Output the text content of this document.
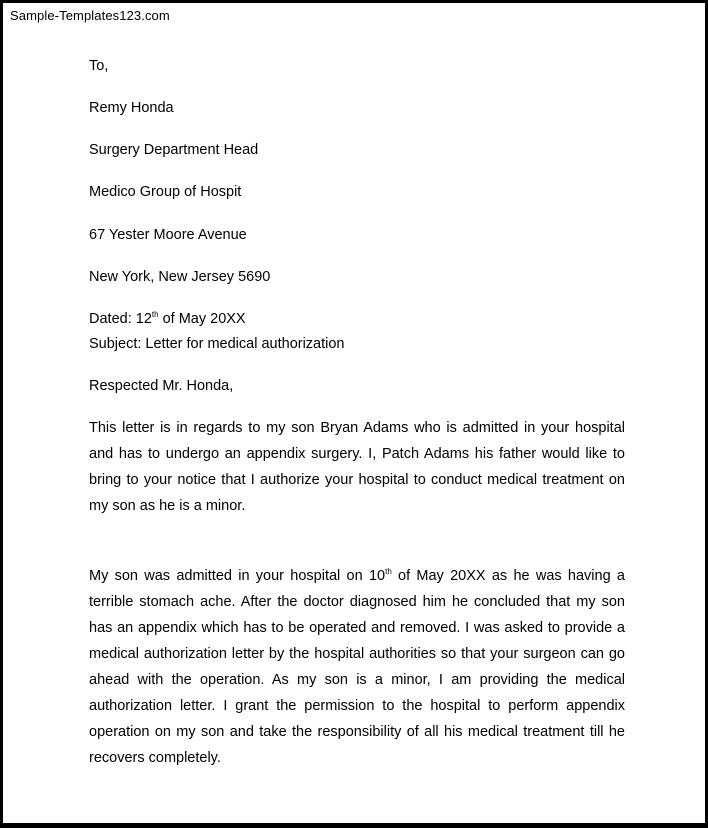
Sample-Templates123.com
To,
Remy Honda
Surgery Department Head
Medico Group of Hospit
67 Yester Moore Avenue
New York, New Jersey 5690
Dated: 12th of May 20XX
Subject: Letter for medical authorization
Respected Mr. Honda,
This letter is in regards to my son Bryan Adams who is admitted in your hospital and has to undergo an appendix surgery. I, Patch Adams his father would like to bring to your notice that I authorize your hospital to conduct medical treatment on my son as he is a minor.
My son was admitted in your hospital on 10th of May 20XX as he was having a terrible stomach ache. After the doctor diagnosed him he concluded that my son has an appendix which has to be operated and removed. I was asked to provide a medical authorization letter by the hospital authorities so that your surgeon can go ahead with the operation. As my son is a minor, I am providing the medical authorization letter. I grant the permission to the hospital to perform appendix operation on my son and take the responsibility of all his medical treatment till he recovers completely.
